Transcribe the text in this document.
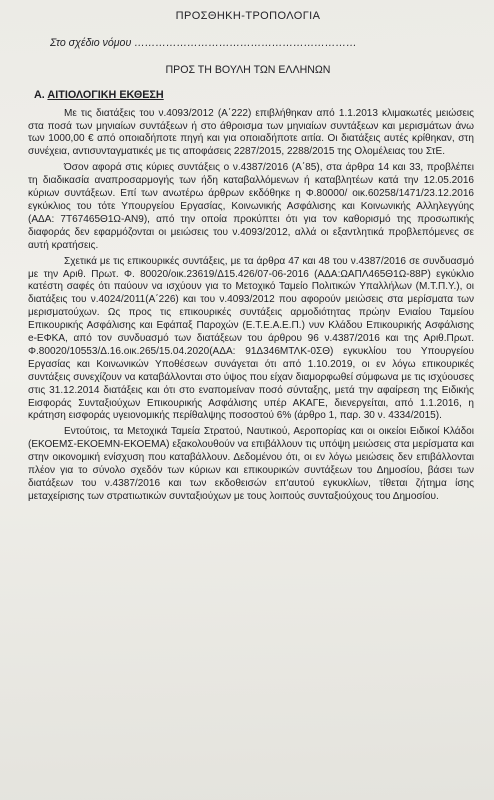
ΠΡΟΣΘΗΚΗ-ΤΡΟΠΟΛΟΓΙΑ
Στο σχέδιο νόμου ………………………………………………………
ΠΡΟΣ ΤΗ ΒΟΥΛΗ ΤΩΝ ΕΛΛΗΝΩΝ
Α. ΑΙΤΙΟΛΟΓΙΚΗ ΕΚΘΕΣΗ

Με τις διατάξεις του ν.4093/2012 (Α΄222) επιβλήθηκαν από 1.1.2013 κλιμακωτές μειώσεις στα ποσά των μηνιαίων συντάξεων ή στο άθροισμα των μηνιαίων συντάξεων και μερισμάτων άνω των 1000,00 € από οποιαδήποτε πηγή και για οποιαδήποτε αιτία. Οι διατάξεις αυτές κρίθηκαν, στη συνέχεια, αντισυνταγματικές με τις αποφάσεις 2287/2015, 2288/2015 της Ολομέλειας του ΣτΕ.

Όσον αφορά στις κύριες συντάξεις ο ν.4387/2016 (Α΄85), στα άρθρα 14 και 33, προβλέπει τη διαδικασία αναπροσαρμογής των ήδη καταβαλλόμενων ή καταβλητέων κατά την 12.05.2016 κύριων συντάξεων. Επί των ανωτέρω άρθρων εκδόθηκε η Φ.80000/ οικ.60258/1471/23.12.2016 εγκύκλιος του τότε Υπουργείου Εργασίας, Κοινωνικής Ασφάλισης και Κοινωνικής Αλληλεγγύης (ΑΔΑ: 7Τ67465Θ1Ω-ΑΝ9), από την οποία προκύπτει ότι για τον καθορισμό της προσωπικής διαφοράς δεν εφαρμόζονται οι μειώσεις του ν.4093/2012, αλλά οι εξαντλητικά προβλεπόμενες σε αυτή κρατήσεις.

Σχετικά με τις επικουρικές συντάξεις, με τα άρθρα 47 και 48 του ν.4387/2016 σε συνδυασμό με την Αριθ. Πρωτ. Φ. 80020/οικ.23619/Δ15.426/07-06-2016 (ΑΔΑ:ΩΑΠΛ465Θ1Ω-88Ρ) εγκύκλιο κατέστη σαφές ότι παύουν να ισχύουν για το Μετοχικό Ταμείο Πολιτικών Υπαλλήλων (Μ.Τ.Π.Υ.), οι διατάξεις του ν.4024/2011(Α΄226) και του ν.4093/2012 που αφορούν μειώσεις στα μερίσματα των μερισματούχων. Ως προς τις επικουρικές συντάξεις αρμοδιότητας πρώην Ενιαίου Ταμείου Επικουρικής Ασφάλισης και Εφάπαξ Παροχών (Ε.Τ.Ε.Α.Ε.Π.) νυν Κλάδου Επικουρικής Ασφάλισης e-ΕΦΚΑ, από τον συνδυασμό των διατάξεων του άρθρου 96 ν.4387/2016 και της Αριθ.Πρωτ. Φ.80020/10553/Δ.16.οικ.265/15.04.2020(ΑΔΑ: 91Δ346ΜΤΛΚ-0ΣΘ) εγκυκλίου του Υπουργείου Εργασίας και Κοινωνικών Υποθέσεων συνάγεται ότι από 1.10.2019, οι εν λόγω επικουρικές συντάξεις συνεχίζουν να καταβάλλονται στο ύψος που είχαν διαμορφωθεί σύμφωνα με τις ισχύουσες στις 31.12.2014 διατάξεις και ότι στο εναπομείναν ποσό σύνταξης, μετά την αφαίρεση της Ειδικής Εισφοράς Συνταξιούχων Επικουρικής Ασφάλισης υπέρ ΑΚΑΓΕ, διενεργείται, από 1.1.2016, η κράτηση εισφοράς υγειονομικής περίθαλψης ποσοστού 6% (άρθρο 1, παρ. 30 ν. 4334/2015).

Εντούτοις, τα Μετοχικά Ταμεία Στρατού, Ναυτικού, Αεροπορίας και οι οικείοι Ειδικοί Κλάδοι (ΕΚΟΕΜΣ-ΕΚΟΕΜΝ-ΕΚΟΕΜΑ) εξακολουθούν να επιβάλλουν τις υπόψη μειώσεις στα μερίσματα και στην οικονομική ενίσχυση που καταβάλλουν. Δεδομένου ότι, οι εν λόγω μειώσεις δεν επιβάλλονται πλέον για το σύνολο σχεδόν των κύριων και επικουρικών συντάξεων του Δημοσίου, βάσει των διατάξεων του ν.4387/2016 και των εκδοθεισών επ'αυτού εγκυκλίων, τίθεται ζήτημα ίσης μεταχείρισης των στρατιωτικών συνταξιούχων με τους λοιπούς συνταξιούχους του Δημοσίου.
